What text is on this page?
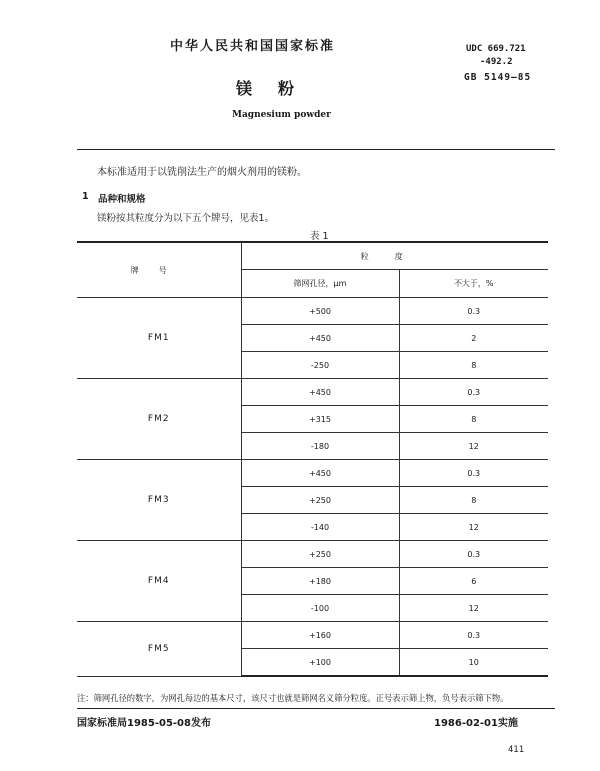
中华人民共和国国家标准	UDC 669.721
-492.2
GB 5149—85
镁粉
Magnesium powder
本标准适用于以铣削法生产的烟火剂用的镁粉。
1 品种和规格
镁粉按其粒度分为以下五个牌号，见表1。
表1
牌号	粒度	
	筛网孔径，μm	不大于，%
FM1	+500	0.3
	+450	2
	-250	8
FM2	+450	0.3
	+315	8
	-180	12
FM3	+450	0.3
	+250	8
	-140	12
FM4	+250	0.3
	+180	6
	-100	12
FM5	+160	0.3
	+100	10
注：筛网孔径的数字，为网孔每边的基本尺寸，该尺寸也就是筛网名义筛分粒度。正号表示筛上物，负号表示筛下物。
国家标准局1985-05-08发布	1986-02-01实施
411
